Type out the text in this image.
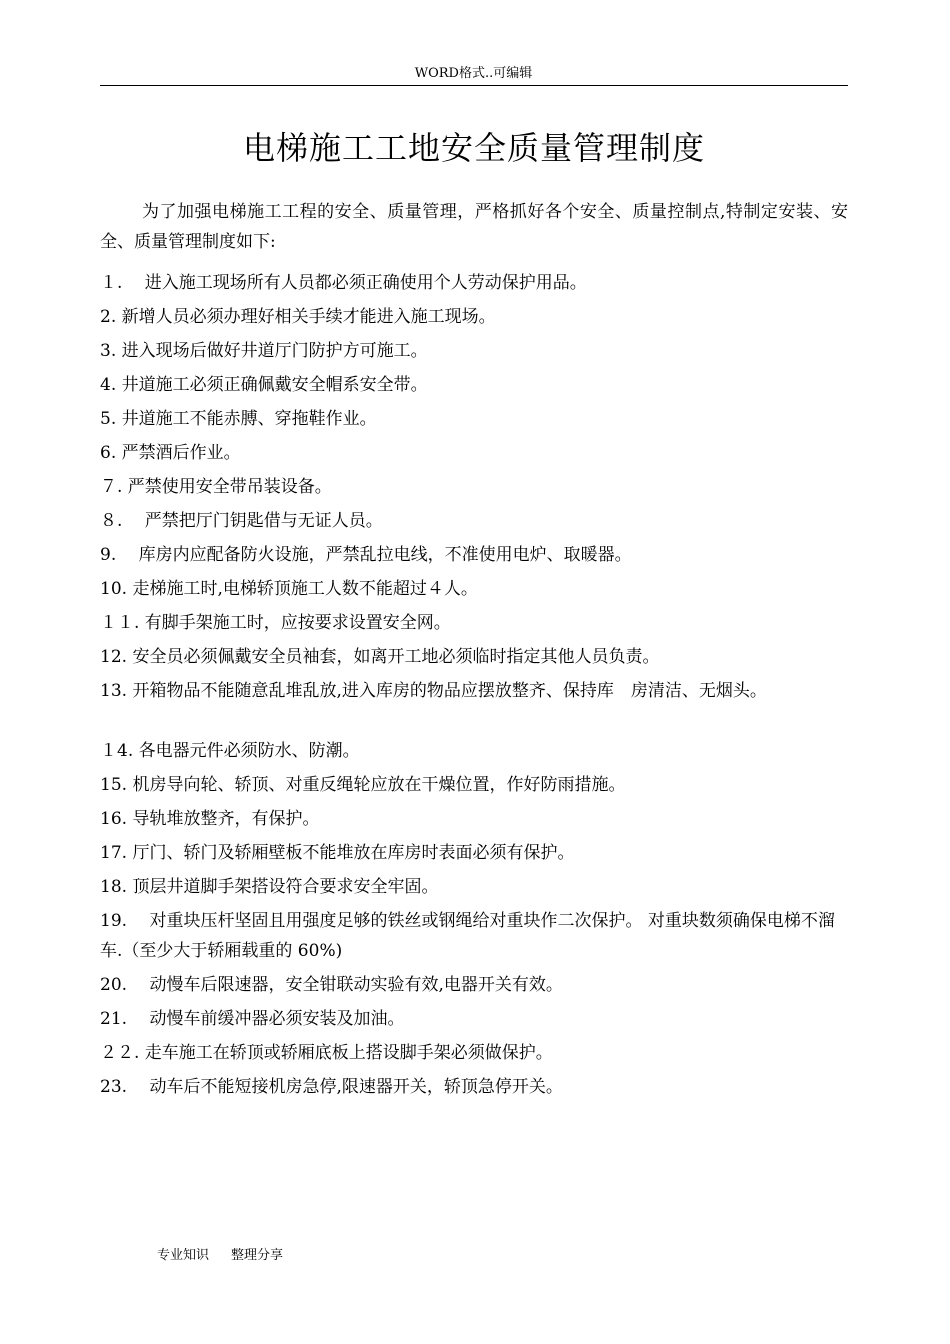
WORD格式..可编辑
电梯施工工地安全质量管理制度

为了加强电梯施工工程的安全、质量管理，严格抓好各个安全、质量控制点,特制定安装、安全、质量管理制度如下:

１.　 进入施工现场所有人员都必须正确使用个人劳动保护用品。
2. 新增人员必须办理好相关手续才能进入施工现场。
3. 进入现场后做好井道厅门防护方可施工。
4. 井道施工必须正确佩戴安全帽系安全带。
5. 井道施工不能赤膊、穿拖鞋作业。
6. 严禁酒后作业。
７. 严禁使用安全带吊装设备。
８.　 严禁把厅门钥匙借与无证人员。
9.　 库房内应配备防火设施，严禁乱拉电线，不准使用电炉、取暖器。
10. 走梯施工时,电梯轿顶施工人数不能超过４人。
１１. 有脚手架施工时，应按要求设置安全网。
12. 安全员必须佩戴安全员袖套，如离开工地必须临时指定其他人员负责。
13. 开箱物品不能随意乱堆乱放,进入库房的物品应摆放整齐、保持库　房清洁、无烟头。
１4. 各电器元件必须防水、防潮。
15. 机房导向轮、轿顶、对重反绳轮应放在干燥位置，作好防雨措施。
16. 导轨堆放整齐，有保护。
17. 厅门、轿门及轿厢壁板不能堆放在库房时表面必须有保护。
18. 顶层井道脚手架搭设符合要求安全牢固。
19.　 对重块压杆坚固且用强度足够的铁丝或钢绳给对重块作二次保护。 对重块数须确保电梯不溜车.（至少大于轿厢载重的 60%)
20.　 动慢车后限速器，安全钳联动实验有效,电器开关有效。
21.　 动慢车前缓冲器必须安装及加油。
２２. 走车施工在轿顶或轿厢底板上搭设脚手架必须做保护。
23.　 动车后不能短接机房急停,限速器开关，轿顶急停开关。
专业知识 整理分享
